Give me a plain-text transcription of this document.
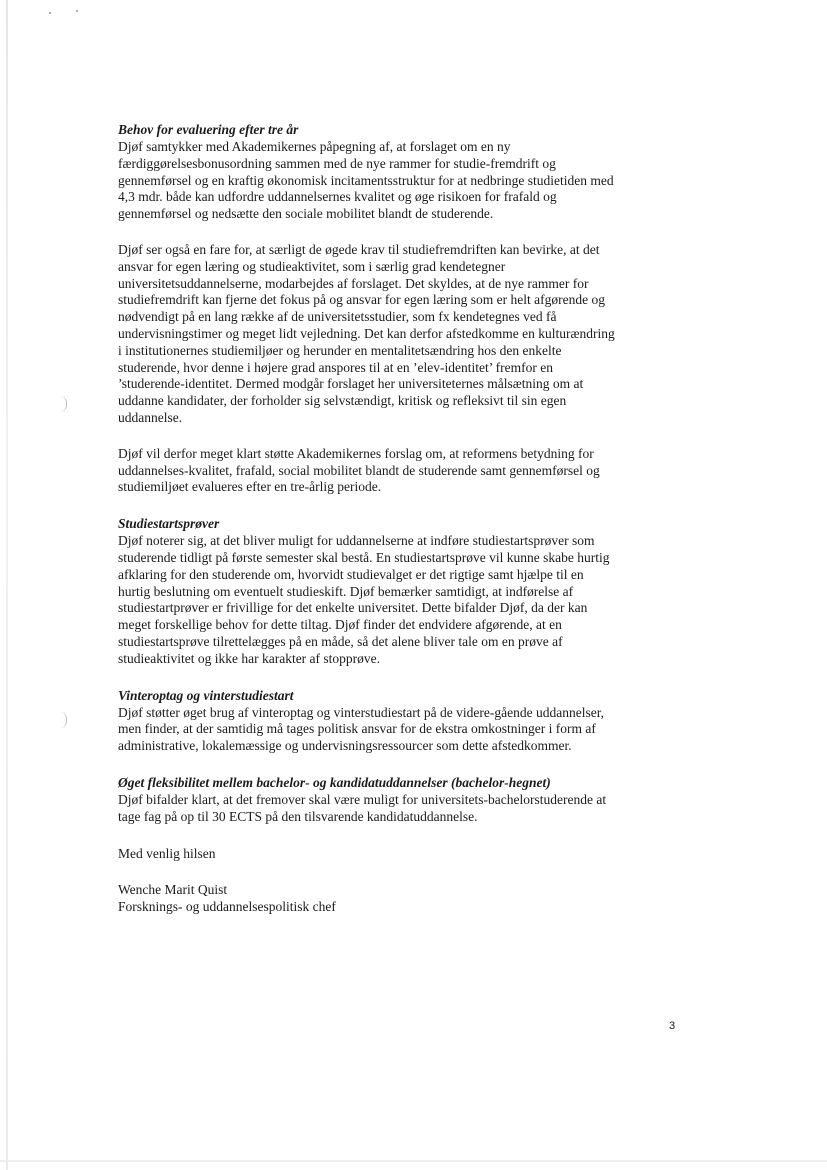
Behov for evaluering efter tre år

Djøf samtykker med Akademikernes påpegning af, at forslaget om en ny færdiggørelsesbonusordning sammen med de nye rammer for studie-fremdrift og gennemførsel og en kraftig økonomisk incitamentsstruktur for at nedbringe studietiden med 4,3 mdr. både kan udfordre uddannelsernes kvalitet og øge risikoen for frafald og gennemførsel og nedsætte den sociale mobilitet blandt de studerende.

Djøf ser også en fare for, at særligt de øgede krav til studiefremdriften kan bevirke, at det ansvar for egen læring og studieaktivitet, som i særlig grad kendetegner universitetsuddannelserne, modarbejdes af forslaget. Det skyldes, at de nye rammer for studiefremdrift kan fjerne det fokus på og ansvar for egen læring som er helt afgørende og nødvendigt på en lang række af de universitetsstudier, som fx kendetegnes ved få undervisningstimer og meget lidt vejledning. Det kan derfor afstedkomme en kulturændring i institutionernes studiemiljøer og herunder en mentalitetsændring hos den enkelte studerende, hvor denne i højere grad anspores til at en ’elev-identitet’ fremfor en ’studerende-identitet. Dermed modgår forslaget her universiteternes målsætning om at uddanne kandidater, der forholder sig selvstændigt, kritisk og refleksivt til sin egen uddannelse.

Djøf vil derfor meget klart støtte Akademikernes forslag om, at reformens betydning for uddannelses-kvalitet, frafald, social mobilitet blandt de studerende samt gennemførsel og studiemiljøet evalueres efter en tre-årlig periode.

Studiestartsprøver

Djøf noterer sig, at det bliver muligt for uddannelserne at indføre studiestartsprøver som studerende tidligt på første semester skal bestå. En studiestartsprøve vil kunne skabe hurtig afklaring for den studerende om, hvorvidt studievalget er det rigtige samt hjælpe til en hurtig beslutning om eventuelt studieskift. Djøf bemærker samtidigt, at indførelse af studiestartprøver er frivillige for det enkelte universitet. Dette bifalder Djøf, da der kan meget forskellige behov for dette tiltag. Djøf finder det endvidere afgørende, at en studiestartsprøve tilrettelægges på en måde, så det alene bliver tale om en prøve af studieaktivitet og ikke har karakter af stopprøve.

Vinteroptag og vinterstudiestart

Djøf støtter øget brug af vinteroptag og vinterstudiestart på de videre-gående uddannelser, men finder, at der samtidig må tages politisk ansvar for de ekstra omkostninger i form af administrative, lokalemæssige og undervisningsressourcer som dette afstedkommer.

Øget fleksibilitet mellem bachelor- og kandidatuddannelser (bachelor-hegnet)

Djøf bifalder klart, at det fremover skal være muligt for universitets-bachelorstuderende at tage fag på op til 30 ECTS på den tilsvarende kandidatuddannelse.

Med venlig hilsen

Wenche Marit Quist

Forsknings- og uddannelsespolitisk chef

3
